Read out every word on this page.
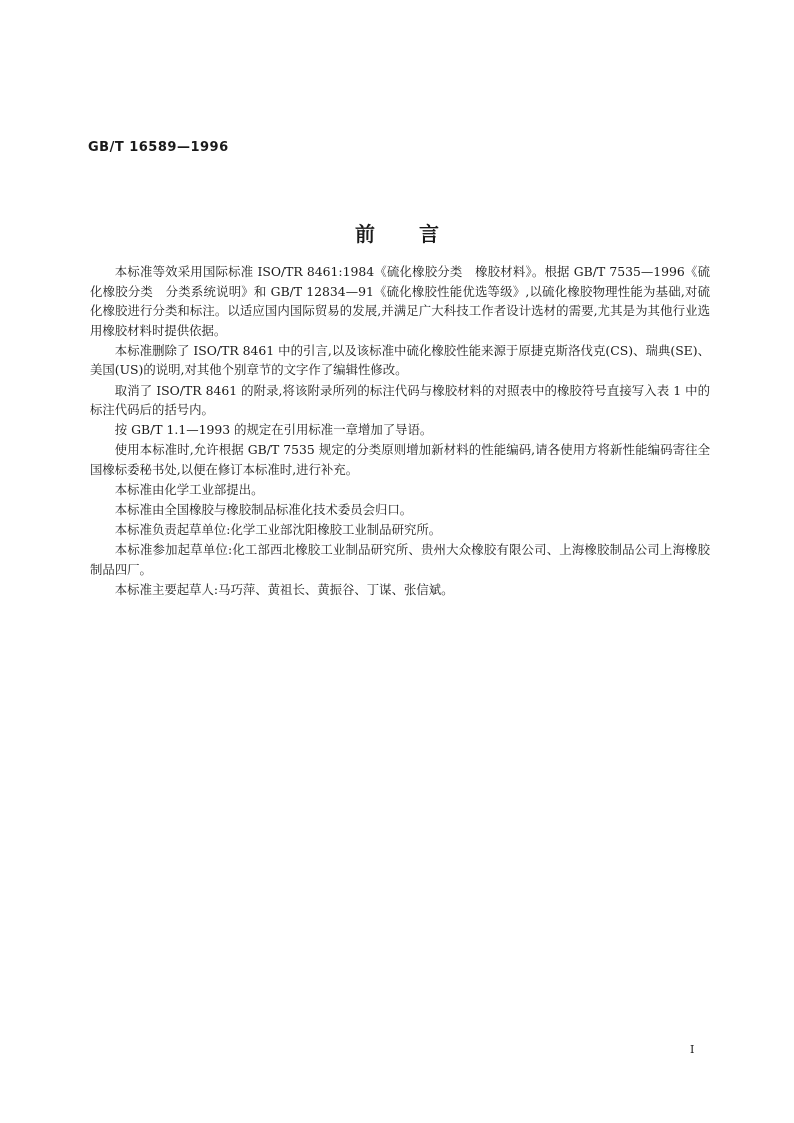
GB/T 16589—1996
前言

本标准等效采用国际标准 ISO/TR 8461:1984《硫化橡胶分类　橡胶材料》。根据 GB/T 7535—1996《硫化橡胶分类　分类系统说明》和 GB/T 12834—91《硫化橡胶性能优选等级》,以硫化橡胶物理性能为基础,对硫化橡胶进行分类和标注。以适应国内国际贸易的发展,并满足广大科技工作者设计选材的需要,尤其是为其他行业选用橡胶材料时提供依据。

本标准删除了 ISO/TR 8461 中的引言,以及该标准中硫化橡胶性能来源于原捷克斯洛伐克(CS)、瑞典(SE)、美国(US)的说明,对其他个别章节的文字作了编辑性修改。

取消了 ISO/TR 8461 的附录,将该附录所列的标注代码与橡胶材料的对照表中的橡胶符号直接写入表 1 中的标注代码后的括号内。

按 GB/T 1.1—1993 的规定在引用标准一章增加了导语。

使用本标准时,允许根据 GB/T 7535 规定的分类原则增加新材料的性能编码,请各使用方将新性能编码寄往全国橡标委秘书处,以便在修订本标准时,进行补充。

本标准由化学工业部提出。

本标准由全国橡胶与橡胶制品标准化技术委员会归口。

本标准负责起草单位:化学工业部沈阳橡胶工业制品研究所。

本标准参加起草单位:化工部西北橡胶工业制品研究所、贵州大众橡胶有限公司、上海橡胶制品公司上海橡胶制品四厂。

本标准主要起草人:马巧萍、黄祖长、黄振谷、丁谋、张信斌。

I
